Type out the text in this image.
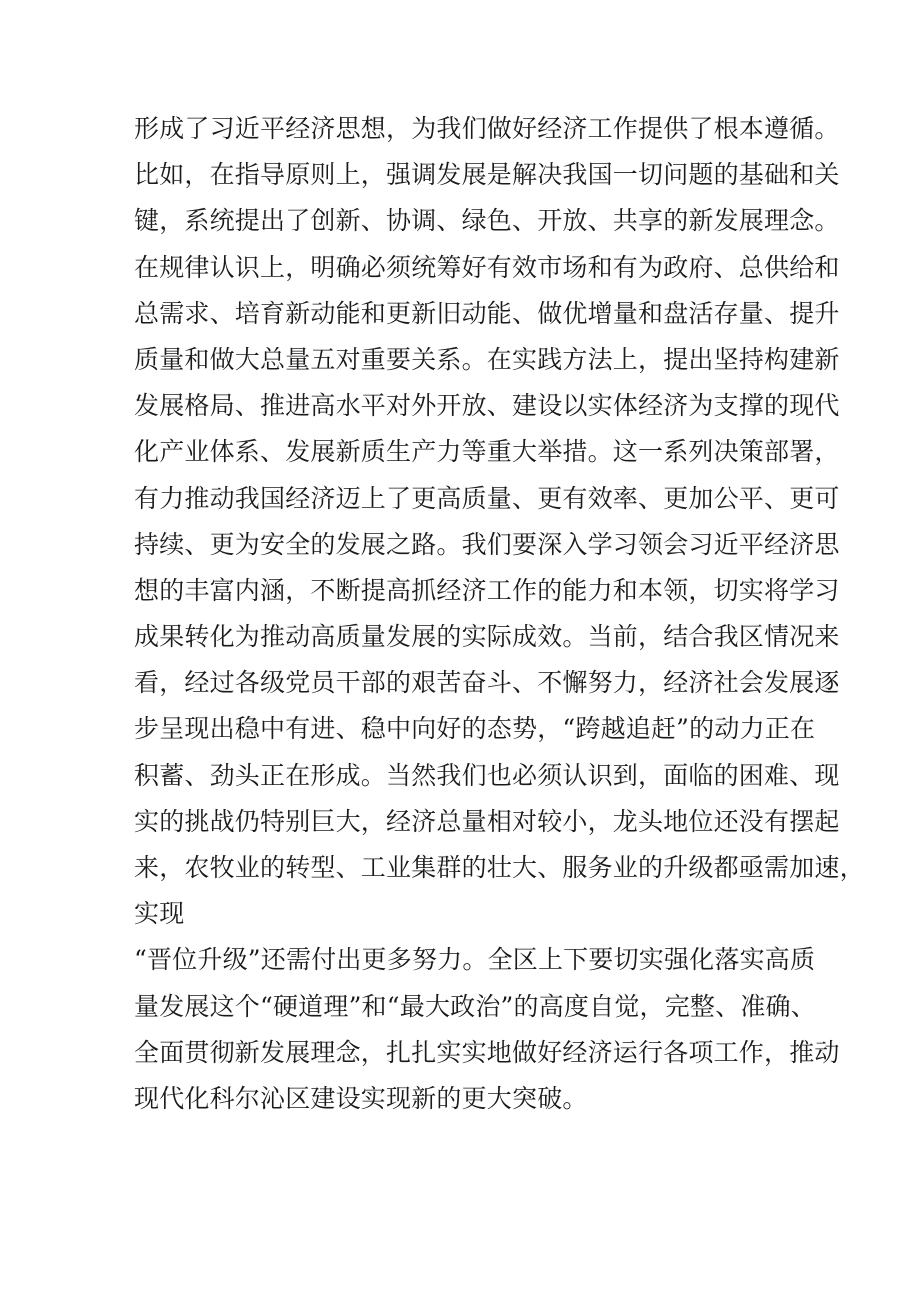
形成了习近平经济思想，为我们做好经济工作提供了根本遵循。
比如，在指导原则上，强调发展是解决我国一切问题的基础和关
键，系统提出了创新、协调、绿色、开放、共享的新发展理念。
在规律认识上，明确必须统筹好有效市场和有为政府、总供给和
总需求、培育新动能和更新旧动能、做优增量和盘活存量、提升
质量和做大总量五对重要关系。在实践方法上，提出坚持构建新
发展格局、推进高水平对外开放、建设以实体经济为支撑的现代
化产业体系、发展新质生产力等重大举措。这一系列决策部署，
有力推动我国经济迈上了更高质量、更有效率、更加公平、更可
持续、更为安全的发展之路。我们要深入学习领会习近平经济思
想的丰富内涵，不断提高抓经济工作的能力和本领，切实将学习
成果转化为推动高质量发展的实际成效。当前，结合我区情况来
看，经过各级党员干部的艰苦奋斗、不懈努力，经济社会发展逐
步呈现出稳中有进、稳中向好的态势，“跨越追赶”的动力正在
积蓄、劲头正在形成。当然我们也必须认识到，面临的困难、现
实的挑战仍特别巨大，经济总量相对较小，龙头地位还没有摆起
来，农牧业的转型、工业集群的壮大、服务业的升级都亟需加速，
实现
“晋位升级”还需付出更多努力。全区上下要切实强化落实高质
量发展这个“硬道理”和“最大政治”的高度自觉，完整、准确、
全面贯彻新发展理念，扎扎实实地做好经济运行各项工作，推动
现代化科尔沁区建设实现新的更大突破。
